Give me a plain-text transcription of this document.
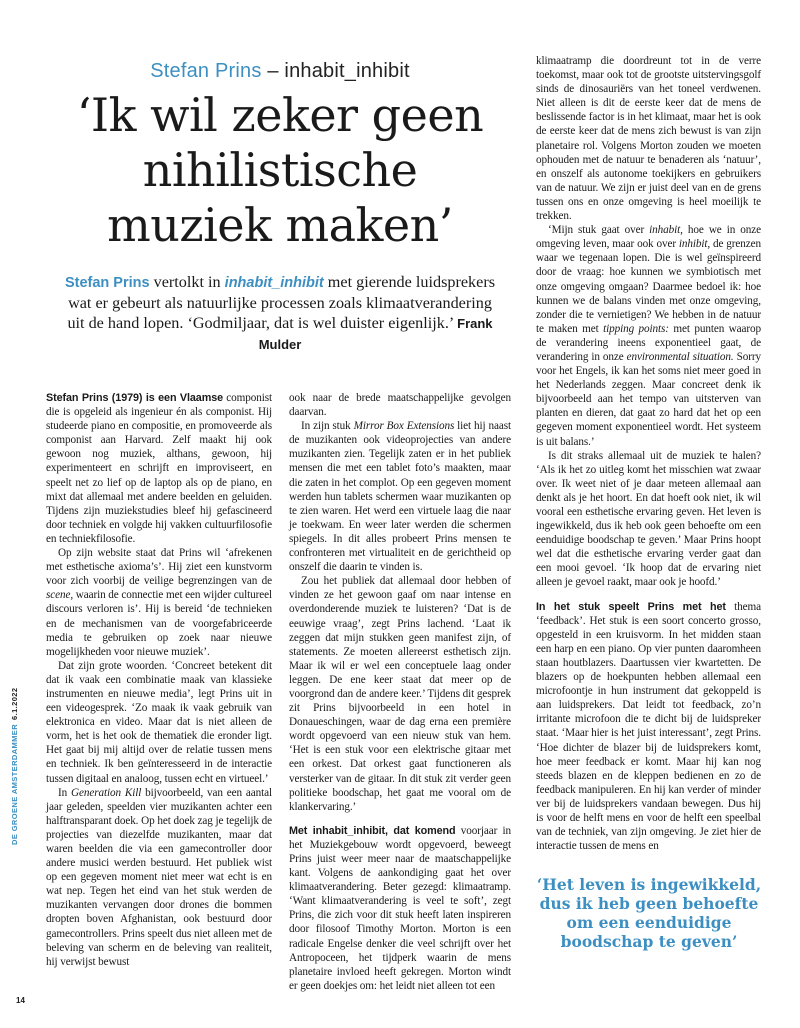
Stefan Prins – inhabit_inhibit
‘Ik wil zeker geen
nihilistische
muziek maken’

Stefan Prins vertolkt in inhabit_inhibit met gierende luidsprekers wat er gebeurt als natuurlijke processen zoals klimaatverandering uit de hand lopen. ‘Godmiljaar, dat is wel duister eigenlijk.’ Frank Mulder

Stefan Prins (1979) is een Vlaamse componist die is opgeleid als ingenieur én als componist. Hij studeerde piano en compositie, en promoveerde als componist aan Harvard. Zelf maakt hij ook gewoon nog muziek, althans, gewoon, hij experimenteert en schrijft en improviseert, en speelt net zo lief op de laptop als op de piano, en mixt dat allemaal met andere beelden en geluiden. Tijdens zijn muziekstudies bleef hij gefascineerd door techniek en volgde hij vakken cultuurfilosofie en techniekfilosofie.

Op zijn website staat dat Prins wil ‘afrekenen met esthetische axioma’s’. Hij ziet een kunstvorm voor zich voorbij de veilige begrenzingen van de scene, waarin de connectie met een wijder cultureel discours verloren is’. Hij is bereid ‘de technieken en de mechanismen van de voorgefabriceerde media te gebruiken op zoek naar nieuwe mogelijkheden voor nieuwe muziek’.

Dat zijn grote woorden. ‘Concreet betekent dit dat ik vaak een combinatie maak van klassieke instrumenten en nieuwe media’, legt Prins uit in een videogesprek. ‘Zo maak ik vaak gebruik van elektronica en video. Maar dat is niet alleen de vorm, het is het ook de thematiek die eronder ligt. Het gaat bij mij altijd over de relatie tussen mens en techniek. Ik ben geïnteresseerd in de interactie tussen digitaal en analoog, tussen echt en virtueel.’

In Generation Kill bijvoorbeeld, van een aantal jaar geleden, speelden vier muzikanten achter een halftransparant doek. Op het doek zag je tegelijk de projecties van diezelfde muzikanten, maar dat waren beelden die via een gamecontroller door andere musici werden bestuurd. Het publiek wist op een gegeven moment niet meer wat echt is en wat nep. Tegen het eind van het stuk werden de muzikanten vervangen door drones die bommen dropten boven Afghanistan, ook bestuurd door gamecontrollers. Prins speelt dus niet alleen met de beleving van scherm en de beleving van realiteit, hij verwijst bewust

ook naar de brede maatschappelijke gevolgen daarvan.

In zijn stuk Mirror Box Extensions liet hij naast de muzikanten ook videoprojecties van andere muzikanten zien. Tegelijk zaten er in het publiek mensen die met een tablet foto’s maakten, maar die zaten in het complot. Op een gegeven moment werden hun tablets schermen waar muzikanten op te zien waren. Het werd een virtuele laag die naar je toekwam. En weer later werden die schermen spiegels. In dit alles probeert Prins mensen te confronteren met virtualiteit en de gerichtheid op onszelf die daarin te vinden is.

Zou het publiek dat allemaal door hebben of vinden ze het gewoon gaaf om naar intense en overdonderende muziek te luisteren? ‘Dat is de eeuwige vraag’, zegt Prins lachend. ‘Laat ik zeggen dat mijn stukken geen manifest zijn, of statements. Ze moeten allereerst esthetisch zijn. Maar ik wil er wel een conceptuele laag onder leggen. De ene keer staat dat meer op de voorgrond dan de andere keer.’ Tijdens dit gesprek zit Prins bijvoorbeeld in een hotel in Donaueschingen, waar de dag erna een première wordt opgevoerd van een nieuw stuk van hem. ‘Het is een stuk voor een elektrische gitaar met een orkest. Dat orkest gaat functioneren als versterker van de gitaar. In dit stuk zit verder geen politieke boodschap, het gaat me vooral om de klankervaring.’

Met inhabit_inhibit, dat komend voorjaar in het Muziekgebouw wordt opgevoerd, beweegt Prins juist weer meer naar de maatschappelijke kant. Volgens de aankondiging gaat het over klimaatverandering. Beter gezegd: klimaatramp. ‘Want klimaatverandering is veel te soft’, zegt Prins, die zich voor dit stuk heeft laten inspireren door filosoof Timothy Morton. Morton is een radicale Engelse denker die veel schrijft over het Antropoceen, het tijdperk waarin de mens planetaire invloed heeft gekregen. Morton windt er geen doekjes om: het leidt niet alleen tot een

klimaatramp die doordreunt tot in de verre toekomst, maar ook tot de grootste uitstervingsgolf sinds de dinosauriërs van het toneel verdwenen. Niet alleen is dit de eerste keer dat de mens de beslissende factor is in het klimaat, maar het is ook de eerste keer dat de mens zich bewust is van zijn planetaire rol. Volgens Morton zouden we moeten ophouden met de natuur te benaderen als ‘natuur’, en onszelf als autonome toekijkers en gebruikers van de natuur. We zijn er juist deel van en de grens tussen ons en onze omgeving is heel moeilijk te trekken.

‘Mijn stuk gaat over inhabit, hoe we in onze omgeving leven, maar ook over inhibit, de grenzen waar we tegenaan lopen. Die is wel geïnspireerd door de vraag: hoe kunnen we symbiotisch met onze omgeving omgaan? Daarmee bedoel ik: hoe kunnen we de balans vinden met onze omgeving, zonder die te vernietigen? We hebben in de natuur te maken met tipping points: met punten waarop de verandering ineens exponentieel gaat, de verandering in onze environmental situation. Sorry voor het Engels, ik kan het soms niet meer goed in het Nederlands zeggen. Maar concreet denk ik bijvoorbeeld aan het tempo van uitsterven van planten en dieren, dat gaat zo hard dat het op een gegeven moment exponentieel wordt. Het systeem is uit balans.’

Is dit straks allemaal uit de muziek te halen? ‘Als ik het zo uitleg komt het misschien wat zwaar over. Ik weet niet of je daar meteen allemaal aan denkt als je het hoort. En dat hoeft ook niet, ik wil vooral een esthetische ervaring geven. Het leven is ingewikkeld, dus ik heb ook geen behoefte om een eenduidige boodschap te geven.’ Maar Prins hoopt wel dat die esthetische ervaring verder gaat dan een mooi gevoel. ‘Ik hoop dat de ervaring niet alleen je gevoel raakt, maar ook je hoofd.’

In het stuk speelt Prins met het thema ‘feedback’. Het stuk is een soort concerto grosso, opgesteld in een kruisvorm. In het midden staan een harp en een piano. Op vier punten daaromheen staan houtblazers. Daartussen vier kwartetten. De blazers op de hoekpunten hebben allemaal een microfoontje in hun instrument dat gekoppeld is aan luidsprekers. Dat leidt tot feedback, zo’n irritante microfoon die te dicht bij de luidspreker staat. ‘Maar hier is het juist interessant’, zegt Prins. ‘Hoe dichter de blazer bij de luidsprekers komt, hoe meer feedback er komt. Maar hij kan nog steeds blazen en de kleppen bedienen en zo de feedback manipuleren. En hij kan verder of minder ver bij de luidsprekers vandaan bewegen. Dus hij is voor de helft mens en voor de helft een speelbal van de techniek, van zijn omgeving. Je ziet hier de interactie tussen de mens en

‘Het leven is ingewikkeld, dus ik heb geen behoefte om een eenduidige boodschap te geven’

DE GROENE AMSTERDAMMER6.1.2022
14
